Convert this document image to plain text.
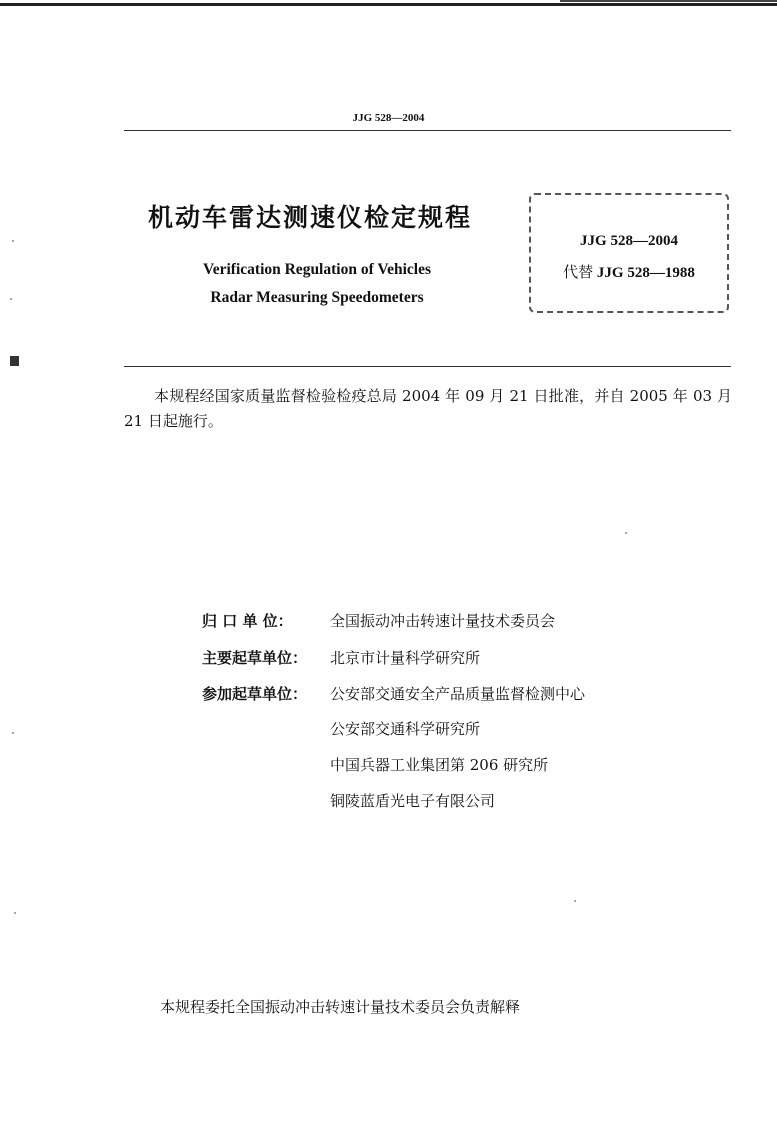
JJG 528—2004
机动车雷达测速仪检定规程
Verification Regulation of Vehicles
Radar Measuring Speedometers
JJG 528—2004
代替 JJG 528—1988
本规程经国家质量监督检验检疫总局 2004 年 09 月 21 日批准，并自 2005 年 03 月 21 日起施行。
归 口 单 位：	全国振动冲击转速计量技术委员会
主要起草单位：	北京市计量科学研究所
参加起草单位：	公安部交通安全产品质量监督检测中心
公安部交通科学研究所
中国兵器工业集团第 206 研究所
铜陵蓝盾光电子有限公司
本规程委托全国振动冲击转速计量技术委员会负责解释
